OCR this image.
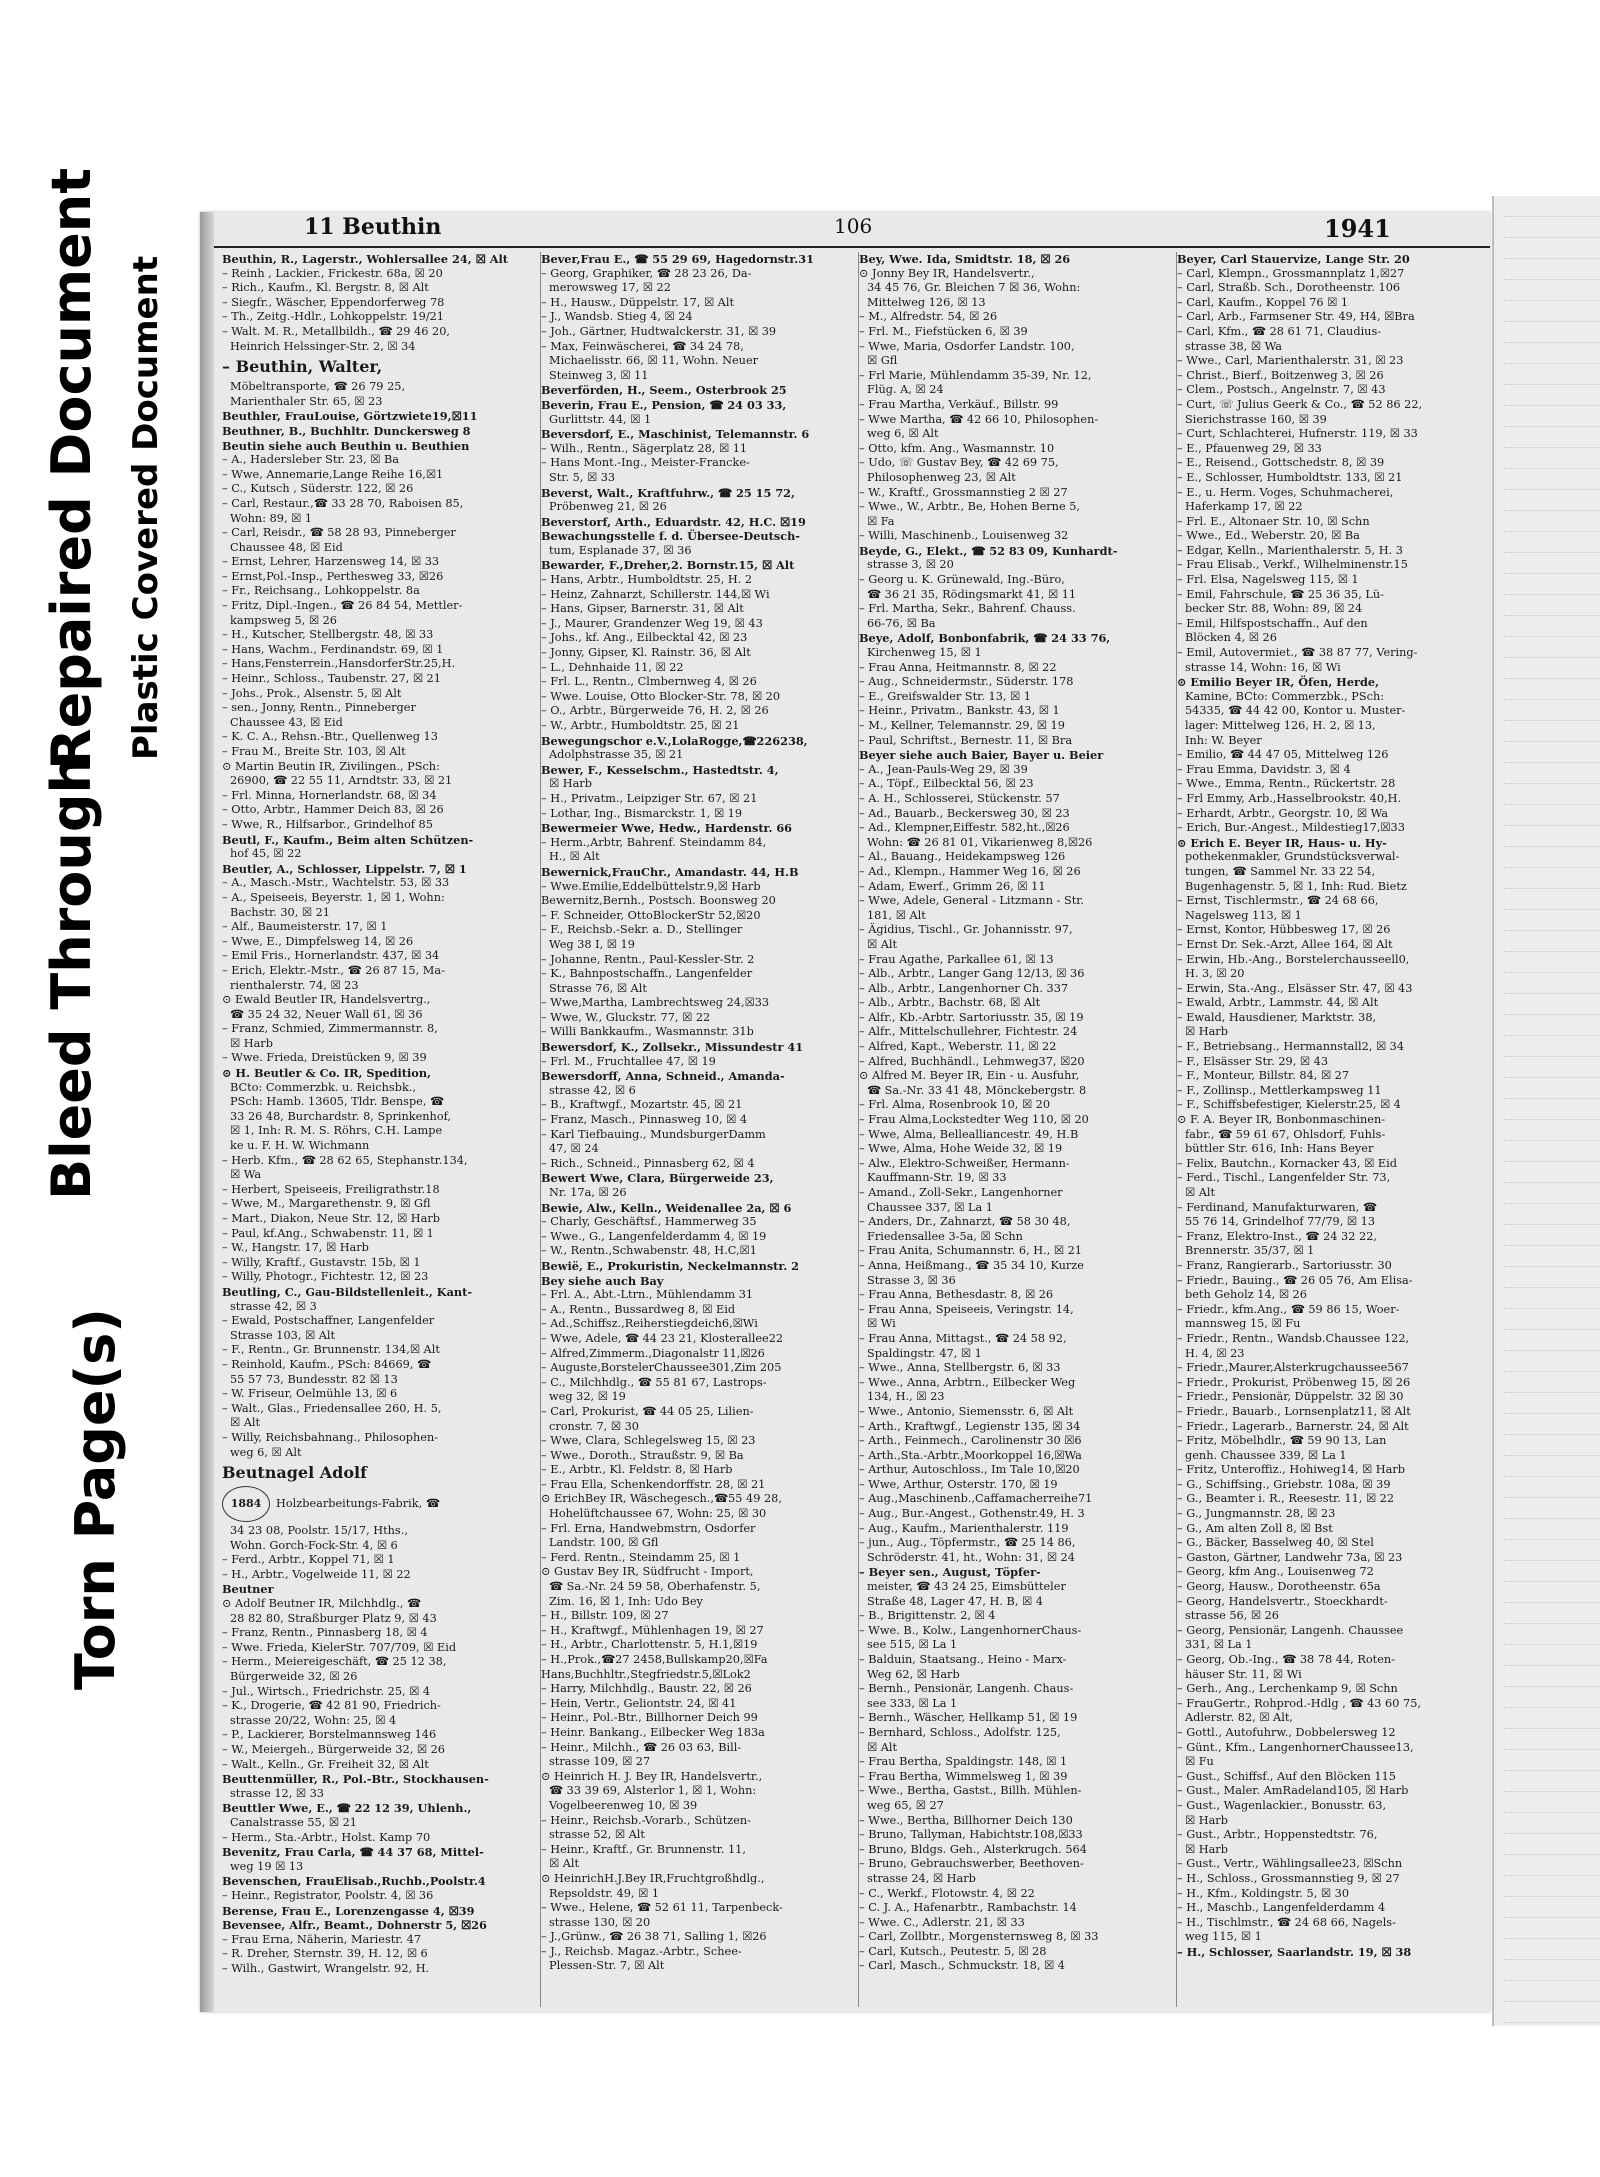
Bleed Through
Repaired Document Plastic Covered Document
Torn Page(s)
11 Beuthin	106	1941
Beuthin, R., Lagerstr., Wohlersallee 24, ☒ Alt
– Reinh , Lackier., Frickestr. 68a, ☒ 20
– Rich., Kaufm., Kl. Bergstr. 8, ☒ Alt
– Siegfr., Wäscher, Eppendorferweg 78
– Th., Zeitg.-Hdlr., Lohkoppelstr. 19/21
– Walt. M. R., Metallbildh., ☎ 29 46 20,
Heinrich Helssinger-Str. 2, ☒ 34
– Beuthin, Walter,
Möbeltransporte, ☎ 26 79 25,
Marienthaler Str. 65, ☒ 23
Beuthler, FrauLouise, Görtzwiete19,☒11
Beuthner, B., Buchhltr. Dunckersweg 8
Beutin siehe auch Beuthin u. Beuthien
– A., Hadersleber Str. 23, ☒ Ba
– Wwe, Annemarie,Lange Reihe 16,☒1
– C., Kutsch , Süderstr. 122, ☒ 26
– Carl, Restaur.,☎ 33 28 70, Raboisen 85,
Wohn: 89, ☒ 1
– Carl, Reisdr., ☎ 58 28 93, Pinneberger
Chaussee 48, ☒ Eid
– Ernst, Lehrer, Harzensweg 14, ☒ 33
– Ernst,Pol.-Insp., Perthesweg 33, ☒26
– Fr., Reichsang., Lohkoppelstr. 8a
– Fritz, Dipl.-Ingen., ☎ 26 84 54, Mettler-
kampsweg 5, ☒ 26
– H., Kutscher, Stellbergstr. 48, ☒ 33
– Hans, Wachm., Ferdinandstr. 69, ☒ 1
– Hans,Fensterrein.,HansdorferStr.25,H.
– Heinr., Schloss., Taubenstr. 27, ☒ 21
– Johs., Prok., Alsenstr. 5, ☒ Alt
– sen., Jonny, Rentn., Pinneberger
Chaussee 43, ☒ Eid
– K. C. A., Rehsn.-Btr., Quellenweg 13
– Frau M., Breite Str. 103, ☒ Alt
⊙ Martin Beutin IR, Zivilingen., PSch:
26900, ☎ 22 55 11, Arndtstr. 33, ☒ 21
– Frl. Minna, Hornerlandstr. 68, ☒ 34
– Otto, Arbtr., Hammer Deich 83, ☒ 26
– Wwe, R., Hilfsarbor., Grindelhof 85
Beutl, F., Kaufm., Beim alten Schützen-
hof 45, ☒ 22
Beutler, A., Schlosser, Lippelstr. 7, ☒ 1
– A., Masch.-Mstr., Wachtelstr. 53, ☒ 33
– A., Speiseeis, Beyerstr. 1, ☒ 1, Wohn:
Bachstr. 30, ☒ 21
– Alf., Baumeisterstr. 17, ☒ 1
– Wwe, E., Dimpfelsweg 14, ☒ 26
– Emil Fris., Hornerlandstr. 437, ☒ 34
– Erich, Elektr.-Mstr., ☎ 26 87 15, Ma-
rienthalerstr. 74, ☒ 23
⊙ Ewald Beutler IR, Handelsvertrg.,
☎ 35 24 32, Neuer Wall 61, ☒ 36
– Franz, Schmied, Zimmermannstr. 8,
☒ Harb
– Wwe. Frieda, Dreistücken 9, ☒ 39
⊙ H. Beutler & Co. IR, Spedition,
BCto: Commerzbk. u. Reichsbk.,
PSch: Hamb. 13605, Tldr. Benspe, ☎
33 26 48, Burchardstr. 8, Sprinkenhof,
☒ 1, Inh: R. M. S. Röhrs, C.H. Lampe
ke u. F. H. W. Wichmann
– Herb. Kfm., ☎ 28 62 65, Stephanstr.134,
☒ Wa
– Herbert, Speiseeis, Freiligrathstr.18
– Wwe, M., Margarethenstr. 9, ☒ Gfl
– Mart., Diakon, Neue Str. 12, ☒ Harb
– Paul, kf.Ang., Schwabenstr. 11, ☒ 1
– W., Hangstr. 17, ☒ Harb
– Willy, Kraftf., Gustavstr. 15b, ☒ 1
– Willy, Photogr., Fichtestr. 12, ☒ 23
Beutling, C., Gau-Bildstellenleit., Kant-
strasse 42, ☒ 3
– Ewald, Postschaffner, Langenfelder
Strasse 103, ☒ Alt
– F., Rentn., Gr. Brunnenstr. 134,☒ Alt
– Reinhold, Kaufm., PSch: 84669, ☎
55 57 73, Bundesstr. 82 ☒ 13
– W. Friseur, Oelmühle 13, ☒ 6
– Walt., Glas., Friedensallee 260, H. 5,
☒ Alt
– Willy, Reichsbahnang., Philosophen-
weg 6, ☒ Alt
Beutnagel Adolf
1884	Holzbearbeitungs-Fabrik, ☎
34 23 08, Poolstr. 15/17, Hths.,
Wohn. Gorch-Fock-Str. 4, ☒ 6
– Ferd., Arbtr., Koppel 71, ☒ 1
– H., Arbtr., Vogelweide 11, ☒ 22
Beutner
⊙ Adolf Beutner IR, Milchhdlg., ☎
28 82 80, Straßburger Platz 9, ☒ 43
– Franz, Rentn., Pinnasberg 18, ☒ 4
– Wwe. Frieda, KielerStr. 707/709, ☒ Eid
– Herm., Meiereigeschäft, ☎ 25 12 38,
Bürgerweide 32, ☒ 26
– Jul., Wirtsch., Friedrichstr. 25, ☒ 4
– K., Drogerie, ☎ 42 81 90, Friedrich-
strasse 20/22, Wohn: 25, ☒ 4
– P., Lackierer, Borstelmannsweg 146
– W., Meiergeh., Bürgerweide 32, ☒ 26
– Walt., Kelln., Gr. Freiheit 32, ☒ Alt
Beuttenmüller, R., Pol.-Btr., Stockhausen-
strasse 12, ☒ 33
Beuttler Wwe, E., ☎ 22 12 39, Uhlenh.,
Canalstrasse 55, ☒ 21
– Herm., Sta.-Arbtr., Holst. Kamp 70
Bevenitz, Frau Carla, ☎ 44 37 68, Mittel-
weg 19 ☒ 13
Bevenschen, FrauElisab.,Ruchb.,Poolstr.4
– Heinr., Registrator, Poolstr. 4, ☒ 36
Berense, Frau E., Lorenzengasse 4, ☒39
Bevensee, Alfr., Beamt., Dohnerstr 5, ☒26
– Frau Erna, Näherin, Mariestr. 47
– R. Dreher, Sternstr. 39, H. 12, ☒ 6
– Wilh., Gastwirt, Wrangelstr. 92, H.
Bever,Frau E., ☎ 55 29 69, Hagedornstr.31
– Georg, Graphiker, ☎ 28 23 26, Da-
merowsweg 17, ☒ 22
– H., Hausw., Düppelstr. 17, ☒ Alt
– J., Wandsb. Stieg 4, ☒ 24
– Joh., Gärtner, Hudtwalckerstr. 31, ☒ 39
– Max, Feinwäscherei, ☎ 34 24 78,
Michaelisstr. 66, ☒ 11, Wohn. Neuer
Steinweg 3, ☒ 11
Beverförden, H., Seem., Osterbrook 25
Beverin, Frau E., Pension, ☎ 24 03 33,
Gurlittstr. 44, ☒ 1
Beversdorf, E., Maschinist, Telemannstr. 6
– Wilh., Rentn., Sägerplatz 28, ☒ 11
– Hans Mont.-Ing., Meister-Francke-
Str. 5, ☒ 33
Beverst, Walt., Kraftfuhrw., ☎ 25 15 72,
Pröbenweg 21, ☒ 26
Beverstorf, Arth., Eduardstr. 42, H.C. ☒19
Bewachungsstelle f. d. Übersee-Deutsch-
tum, Esplanade 37, ☒ 36
Bewarder, F.,Dreher,2. Bornstr.15, ☒ Alt
– Hans, Arbtr., Humboldtstr. 25, H. 2
– Heinz, Zahnarzt, Schillerstr. 144,☒ Wi
– Hans, Gipser, Barnerstr. 31, ☒ Alt
– J., Maurer, Grandenzer Weg 19, ☒ 43
– Johs., kf. Ang., Eilbecktal 42, ☒ 23
– Jonny, Gipser, Kl. Rainstr. 36, ☒ Alt
– L., Dehnhaide 11, ☒ 22
– Frl. L., Rentn., Clmbernweg 4, ☒ 26
– Wwe. Louise, Otto Blocker-Str. 78, ☒ 20
– O., Arbtr., Bürgerweide 76, H. 2, ☒ 26
– W., Arbtr., Humboldtstr. 25, ☒ 21
Bewegungschor e.V.,LolaRogge,☎226238,
Adolphstrasse 35, ☒ 21
Bewer, F., Kesselschm., Hastedtstr. 4,
☒ Harb
– H., Privatm., Leipziger Str. 67, ☒ 21
– Lothar, Ing., Bismarckstr. 1, ☒ 19
Bewermeier Wwe, Hedw., Hardenstr. 66
– Herm.,Arbtr, Bahrenf. Steindamm 84,
H., ☒ Alt
Bewernick,FrauChr., Amandastr. 44, H.B
– Wwe.Emilie,Eddelbüttelstr.9,☒ Harb
Bewernitz,Bernh., Postsch. Boonsweg 20
– F. Schneider, OttoBlockerStr 52,☒20
– F., Reichsb.-Sekr. a. D., Stellinger
Weg 38 I, ☒ 19
– Johanne, Rentn., Paul-Kessler-Str. 2
– K., Bahnpostschaffn., Langenfelder
Strasse 76, ☒ Alt
– Wwe,Martha, Lambrechtsweg 24,☒33
– Wwe, W., Gluckstr. 77, ☒ 22
– Willi Bankkaufm., Wasmannstr. 31b
Bewersdorf, K., Zollsekr., Missundestr 41
– Frl. M., Fruchtallee 47, ☒ 19
Bewersdorff, Anna, Schneid., Amanda-
strasse 42, ☒ 6
– B., Kraftwgf., Mozartstr. 45, ☒ 21
– Franz, Masch., Pinnasweg 10, ☒ 4
– Karl Tiefbauing., MundsburgerDamm
47, ☒ 24
– Rich., Schneid., Pinnasberg 62, ☒ 4
Bewert Wwe, Clara, Bürgerweide 23,
Nr. 17a, ☒ 26
Bewie, Alw., Kelln., Weidenallee 2a, ☒ 6
– Charly, Geschäftsf., Hammerweg 35
– Wwe., G., Langenfelderdamm 4, ☒ 19
– W., Rentn.,Schwabenstr. 48, H.C,☒1
Bewië, E., Prokuristin, Neckelmannstr. 2
Bey siehe auch Bay
– Frl. A., Abt.-Ltrn., Mühlendamm 31
– A., Rentn., Bussardweg 8, ☒ Eid
– Ad.,Schiffsz.,Reiherstiegdeich6,☒Wi
– Wwe, Adele, ☎ 44 23 21, Klosterallee22
– Alfred,Zimmerm.,Diagonalstr 11,☒26
– Auguste,BorstelerChaussee301,Zim 205
– C., Milchhdlg., ☎ 55 81 67, Lastrops-
weg 32, ☒ 19
– Carl, Prokurist, ☎ 44 05 25, Lilien-
cronstr. 7, ☒ 30
– Wwe, Clara, Schlegelsweg 15, ☒ 23
– Wwe., Doroth., Straußstr. 9, ☒ Ba
– E., Arbtr., Kl. Feldstr. 8, ☒ Harb
– Frau Ella, Schenkendorffstr. 28, ☒ 21
⊙ ErichBey IR, Wäschegesch.,☎55 49 28,
Hohelüftchaussee 67, Wohn: 25, ☒ 30
– Frl. Erna, Handwebmstrn, Osdorfer
Landstr. 100, ☒ Gfl
– Ferd. Rentn., Steindamm 25, ☒ 1
⊙ Gustav Bey IR, Südfrucht - Import,
☎ Sa.-Nr. 24 59 58, Oberhafenstr. 5,
Zim. 16, ☒ 1, Inh: Udo Bey
– H., Billstr. 109, ☒ 27
– H., Kraftwgf., Mühlenhagen 19, ☒ 27
– H., Arbtr., Charlottenstr. 5, H.1,☒19
– H.,Prok.,☎27 2458,Bullskamp20,☒Fa
Hans,Buchhltr.,Stegfriedstr.5,☒Lok2
– Harry, Milchhdlg., Baustr. 22, ☒ 26
– Hein, Vertr., Geliontstr. 24, ☒ 41
– Heinr., Pol.-Btr., Billhorner Deich 99
– Heinr. Bankang., Eilbecker Weg 183a
– Heinr., Milchh., ☎ 26 03 63, Bill-
strasse 109, ☒ 27
⊙ Heinrich H. J. Bey IR, Handelsvertr.,
☎ 33 39 69, Alsterlor 1, ☒ 1, Wohn:
Vogelbeerenweg 10, ☒ 39
– Heinr., Reichsb.-Vorarb., Schützen-
strasse 52, ☒ Alt
– Heinr., Kraftf., Gr. Brunnenstr. 11,
☒ Alt
⊙ HeinrichH.J.Bey IR,Fruchtgroßhdlg.,
Repsoldstr. 49, ☒ 1
– Wwe., Helene, ☎ 52 61 11, Tarpenbeck-
strasse 130, ☒ 20
– J.,Grünw., ☎ 26 38 71, Salling 1, ☒26
– J., Reichsb. Magaz.-Arbtr., Schee-
Plessen-Str. 7, ☒ Alt
Bey, Wwe. Ida, Smidtstr. 18, ☒ 26
⊙ Jonny Bey IR, Handelsvertr.,
34 45 76, Gr. Bleichen 7 ☒ 36, Wohn:
Mittelweg 126, ☒ 13
– M., Alfredstr. 54, ☒ 26
– Frl. M., Fiefstücken 6, ☒ 39
– Wwe, Maria, Osdorfer Landstr. 100,
☒ Gfl
– Frl Marie, Mühlendamm 35-39, Nr. 12,
Flüg. A, ☒ 24
– Frau Martha, Verkäuf., Billstr. 99
– Wwe Martha, ☎ 42 66 10, Philosophen-
weg 6, ☒ Alt
– Otto, kfm. Ang., Wasmannstr. 10
– Udo, ☏ Gustav Bey, ☎ 42 69 75,
Philosophenweg 23, ☒ Alt
– W., Kraftf., Grossmannstieg 2 ☒ 27
– Wwe., W., Arbtr., Be, Hohen Berne 5,
☒ Fa
– Willi, Maschinenb., Louisenweg 32
Beyde, G., Elekt., ☎ 52 83 09, Kunhardt-
strasse 3, ☒ 20
– Georg u. K. Grünewald, Ing.-Büro,
☎ 36 21 35, Rödingsmarkt 41, ☒ 11
– Frl. Martha, Sekr., Bahrenf. Chauss.
66-76, ☒ Ba
Beye, Adolf, Bonbonfabrik, ☎ 24 33 76,
Kirchenweg 15, ☒ 1
– Frau Anna, Heitmannstr. 8, ☒ 22
– Aug., Schneidermstr., Süderstr. 178
– E., Greifswalder Str. 13, ☒ 1
– Heinr., Privatm., Bankstr. 43, ☒ 1
– M., Kellner, Telemannstr. 29, ☒ 19
– Paul, Schriftst., Bernestr. 11, ☒ Bra
Beyer siehe auch Baier, Bayer u. Beier
– A., Jean-Pauls-Weg 29, ☒ 39
– A., Töpf., Eilbecktal 56, ☒ 23
– A. H., Schlosserei, Stückenstr. 57
– Ad., Bauarb., Beckersweg 30, ☒ 23
– Ad., Klempner,Eiffestr. 582,ht.,☒26
Wohn: ☎ 26 81 01, Vikarienweg 8,☒26
– Al., Bauang., Heidekampsweg 126
– Ad., Klempn., Hammer Weg 16, ☒ 26
– Adam, Ewerf., Grimm 26, ☒ 11
– Wwe, Adele, General - Litzmann - Str.
181, ☒ Alt
– Ägidius, Tischl., Gr. Johannisstr. 97,
☒ Alt
– Frau Agathe, Parkallee 61, ☒ 13
– Alb., Arbtr., Langer Gang 12/13, ☒ 36
– Alb., Arbtr., Langenhorner Ch. 337
– Alb., Arbtr., Bachstr. 68, ☒ Alt
– Alfr., Kb.-Arbtr. Sartoriusstr. 35, ☒ 19
– Alfr., Mittelschullehrer, Fichtestr. 24
– Alfred, Kapt., Weberstr. 11, ☒ 22
– Alfred, Buchhändl., Lehmweg37, ☒20
⊙ Alfred M. Beyer IR, Ein - u. Ausfuhr,
☎ Sa.-Nr. 33 41 48, Mönckebergstr. 8
– Frl. Alma, Rosenbrook 10, ☒ 20
– Frau Alma,Lockstedter Weg 110, ☒ 20
– Wwe, Alma, Bellealliancestr. 49, H.B
– Wwe, Alma, Hohe Weide 32, ☒ 19
– Alw., Elektro-Schweißer, Hermann-
Kauffmann-Str. 19, ☒ 33
– Amand., Zoll-Sekr., Langenhorner
Chaussee 337, ☒ La 1
– Anders, Dr., Zahnarzt, ☎ 58 30 48,
Friedensallee 3-5a, ☒ Schn
– Frau Anita, Schumannstr. 6, H., ☒ 21
– Anna, Heißmang., ☎ 35 34 10, Kurze
Strasse 3, ☒ 36
– Frau Anna, Bethesdastr. 8, ☒ 26
– Frau Anna, Speiseeis, Veringstr. 14,
☒ Wi
– Frau Anna, Mittagst., ☎ 24 58 92,
Spaldingstr. 47, ☒ 1
– Wwe., Anna, Stellbergstr. 6, ☒ 33
– Wwe., Anna, Arbtrn., Eilbecker Weg
134, H., ☒ 23
– Wwe., Antonio, Siemensstr. 6, ☒ Alt
– Arth., Kraftwgf., Legienstr 135, ☒ 34
– Arth., Feinmech., Carolinenstr 30 ☒6
– Arth.,Sta.-Arbtr.,Moorkoppel 16,☒Wa
– Arthur, Autoschloss., Im Tale 10,☒20
– Wwe, Arthur, Osterstr. 170, ☒ 19
– Aug.,Maschinenb.,Caffamacherreihe71
– Aug., Bur.-Angest., Gothenstr.49, H. 3
– Aug., Kaufm., Marienthalerstr. 119
– jun., Aug., Töpfermstr., ☎ 25 14 86,
Schröderstr. 41, ht., Wohn: 31, ☒ 24
– Beyer sen., August, Töpfer-
meister, ☎ 43 24 25, Eimsbütteler
Straße 48, Lager 47, H. B, ☒ 4
– B., Brigittenstr. 2, ☒ 4
– Wwe. B., Kolw., LangenhornerChaus-
see 515, ☒ La 1
– Balduin, Staatsang., Heino - Marx-
Weg 62, ☒ Harb
– Bernh., Pensionär, Langenh. Chaus-
see 333, ☒ La 1
– Bernh., Wäscher, Hellkamp 51, ☒ 19
– Bernhard, Schloss., Adolfstr. 125,
☒ Alt
– Frau Bertha, Spaldingstr. 148, ☒ 1
– Frau Bertha, Wimmelsweg 1, ☒ 39
– Wwe., Bertha, Gastst., Billh. Mühlen-
weg 65, ☒ 27
– Wwe., Bertha, Billhorner Deich 130
– Bruno, Tallyman, Habichtstr.108,☒33
– Bruno, Bldgs. Geh., Alsterkrugch. 564
– Bruno, Gebrauchswerber, Beethoven-
strasse 24, ☒ Harb
– C., Werkf., Flotowstr. 4, ☒ 22
– C. J. A., Hafenarbtr., Rambachstr. 14
– Wwe. C., Adlerstr. 21, ☒ 33
– Carl, Zollbtr., Morgensternsweg 8, ☒ 33
– Carl, Kutsch., Peutestr. 5, ☒ 28
– Carl, Masch., Schmuckstr. 18, ☒ 4
Beyer, Carl Stauervize, Lange Str. 20
– Carl, Klempn., Grossmannplatz 1,☒27
– Carl, Straßb. Sch., Dorotheenstr. 106
– Carl, Kaufm., Koppel 76 ☒ 1
– Carl, Arb., Farmsener Str. 49, H4, ☒Bra
– Carl, Kfm., ☎ 28 61 71, Claudius-
strasse 38, ☒ Wa
– Wwe., Carl, Marienthalerstr. 31, ☒ 23
– Christ., Bierf., Boitzenweg 3, ☒ 26
– Clem., Postsch., Angelnstr. 7, ☒ 43
– Curt, ☏ Julius Geerk & Co., ☎ 52 86 22,
Sierichstrasse 160, ☒ 39
– Curt, Schlachterei, Hufnerstr. 119, ☒ 33
– E., Pfauenweg 29, ☒ 33
– E., Reisend., Gottschedstr. 8, ☒ 39
– E., Schlosser, Humboldtstr. 133, ☒ 21
– E., u. Herm. Voges, Schuhmacherei,
Haferkamp 17, ☒ 22
– Frl. E., Altonaer Str. 10, ☒ Schn
– Wwe., Ed., Weberstr. 20, ☒ Ba
– Edgar, Kelln., Marienthalerstr. 5, H. 3
– Frau Elisab., Verkf., Wilhelminenstr.15
– Frl. Elsa, Nagelsweg 115, ☒ 1
– Emil, Fahrschule, ☎ 25 36 35, Lü-
becker Str. 88, Wohn: 89, ☒ 24
– Emil, Hilfspostschaffn., Auf den
Blöcken 4, ☒ 26
– Emil, Autovermiet., ☎ 38 87 77, Vering-
strasse 14, Wohn: 16, ☒ Wi
⊙ Emilio Beyer IR, Öfen, Herde,
Kamine, BCto: Commerzbk., PSch:
54335, ☎ 44 42 00, Kontor u. Muster-
lager: Mittelweg 126, H. 2, ☒ 13,
Inh: W. Beyer
– Emilio, ☎ 44 47 05, Mittelweg 126
– Frau Emma, Davidstr. 3, ☒ 4
– Wwe., Emma, Rentn., Rückertstr. 28
– Frl Emmy, Arb.,Hasselbrookstr. 40,H.
– Erhardt, Arbtr., Georgstr. 10, ☒ Wa
– Erich, Bur.-Angest., Mildestieg17,☒33
⊙ Erich E. Beyer IR, Haus- u. Hy-
pothekenmakler, Grundstücksverwal-
tungen, ☎ Sammel Nr. 33 22 54,
Bugenhagenstr. 5, ☒ 1, Inh: Rud. Bietz
– Ernst, Tischlermstr., ☎ 24 68 66,
Nagelsweg 113, ☒ 1
– Ernst, Kontor, Hübbesweg 17, ☒ 26
– Ernst Dr. Sek.-Arzt, Allee 164, ☒ Alt
– Erwin, Hb.-Ang., Borstelerchausseell0,
H. 3, ☒ 20
– Erwin, Sta.-Ang., Elsässer Str. 47, ☒ 43
– Ewald, Arbtr., Lammstr. 44, ☒ Alt
– Ewald, Hausdiener, Marktstr. 38,
☒ Harb
– F., Betriebsang., Hermannstall2, ☒ 34
– F., Elsässer Str. 29, ☒ 43
– F., Monteur, Billstr. 84, ☒ 27
– F., Zollinsp., Mettlerkampsweg 11
– F., Schiffsbefestiger, Kielerstr.25, ☒ 4
⊙ F. A. Beyer IR, Bonbonmaschinen-
fabr., ☎ 59 61 67, Ohlsdorf, Fuhls-
büttler Str. 616, Inh: Hans Beyer
– Felix, Bautchn., Kornacker 43, ☒ Eid
– Ferd., Tischl., Langenfelder Str. 73,
☒ Alt
– Ferdinand, Manufakturwaren, ☎
55 76 14, Grindelhof 77/79, ☒ 13
– Franz, Elektro-Inst., ☎ 24 32 22,
Brennerstr. 35/37, ☒ 1
– Franz, Rangierarb., Sartoriusstr. 30
– Friedr., Bauing., ☎ 26 05 76, Am Elisa-
beth Geholz 14, ☒ 26
– Friedr., kfm.Ang., ☎ 59 86 15, Woer-
mannsweg 15, ☒ Fu
– Friedr., Rentn., Wandsb.Chaussee 122,
H. 4, ☒ 23
– Friedr.,Maurer,Alsterkrugchaussee567
– Friedr., Prokurist, Pröbenweg 15, ☒ 26
– Friedr., Pensionär, Düppelstr. 32 ☒ 30
– Friedr., Bauarb., Lornsenplatz11, ☒ Alt
– Friedr., Lagerarb., Barnerstr. 24, ☒ Alt
– Fritz, Möbelhdlr., ☎ 59 90 13, Lan
genh. Chaussee 339, ☒ La 1
– Fritz, Unteroffiz., Hohiweg14, ☒ Harb
– G., Schiffsing., Griebstr. 108a, ☒ 39
– G., Beamter i. R., Reesestr. 11, ☒ 22
– G., Jungmannstr. 28, ☒ 23
– G., Am alten Zoll 8, ☒ Bst
– G., Bäcker, Basselweg 40, ☒ Stel
– Gaston, Gärtner, Landwehr 73a, ☒ 23
– Georg, kfm Ang., Louisenweg 72
– Georg, Hausw., Dorotheenstr. 65a
– Georg, Handelsvertr., Stoeckhardt-
strasse 56, ☒ 26
– Georg, Pensionär, Langenh. Chaussee
331, ☒ La 1
– Georg, Ob.-Ing., ☎ 38 78 44, Roten-
häuser Str. 11, ☒ Wi
– Gerh., Ang., Lerchenkamp 9, ☒ Schn
– FrauGertr., Rohprod.-Hdlg , ☎ 43 60 75,
Adlerstr. 82, ☒ Alt,
– Gottl., Autofuhrw., Dobbelersweg 12
– Günt., Kfm., LangenhornerChaussee13,
☒ Fu
– Gust., Schiffsf., Auf den Blöcken 115
– Gust., Maler. AmRadeland105, ☒ Harb
– Gust., Wagenlackier., Bonusstr. 63,
☒ Harb
– Gust., Arbtr., Hoppenstedtstr. 76,
☒ Harb
– Gust., Vertr., Wählingsallee23, ☒Schn
– H., Schloss., Grossmannstieg 9, ☒ 27
– H., Kfm., Koldingstr. 5, ☒ 30
– H., Maschb., Langenfelderdamm 4
– H., Tischlmstr., ☎ 24 68 66, Nagels-
weg 115, ☒ 1
– H., Schlosser, Saarlandstr. 19, ☒ 38
